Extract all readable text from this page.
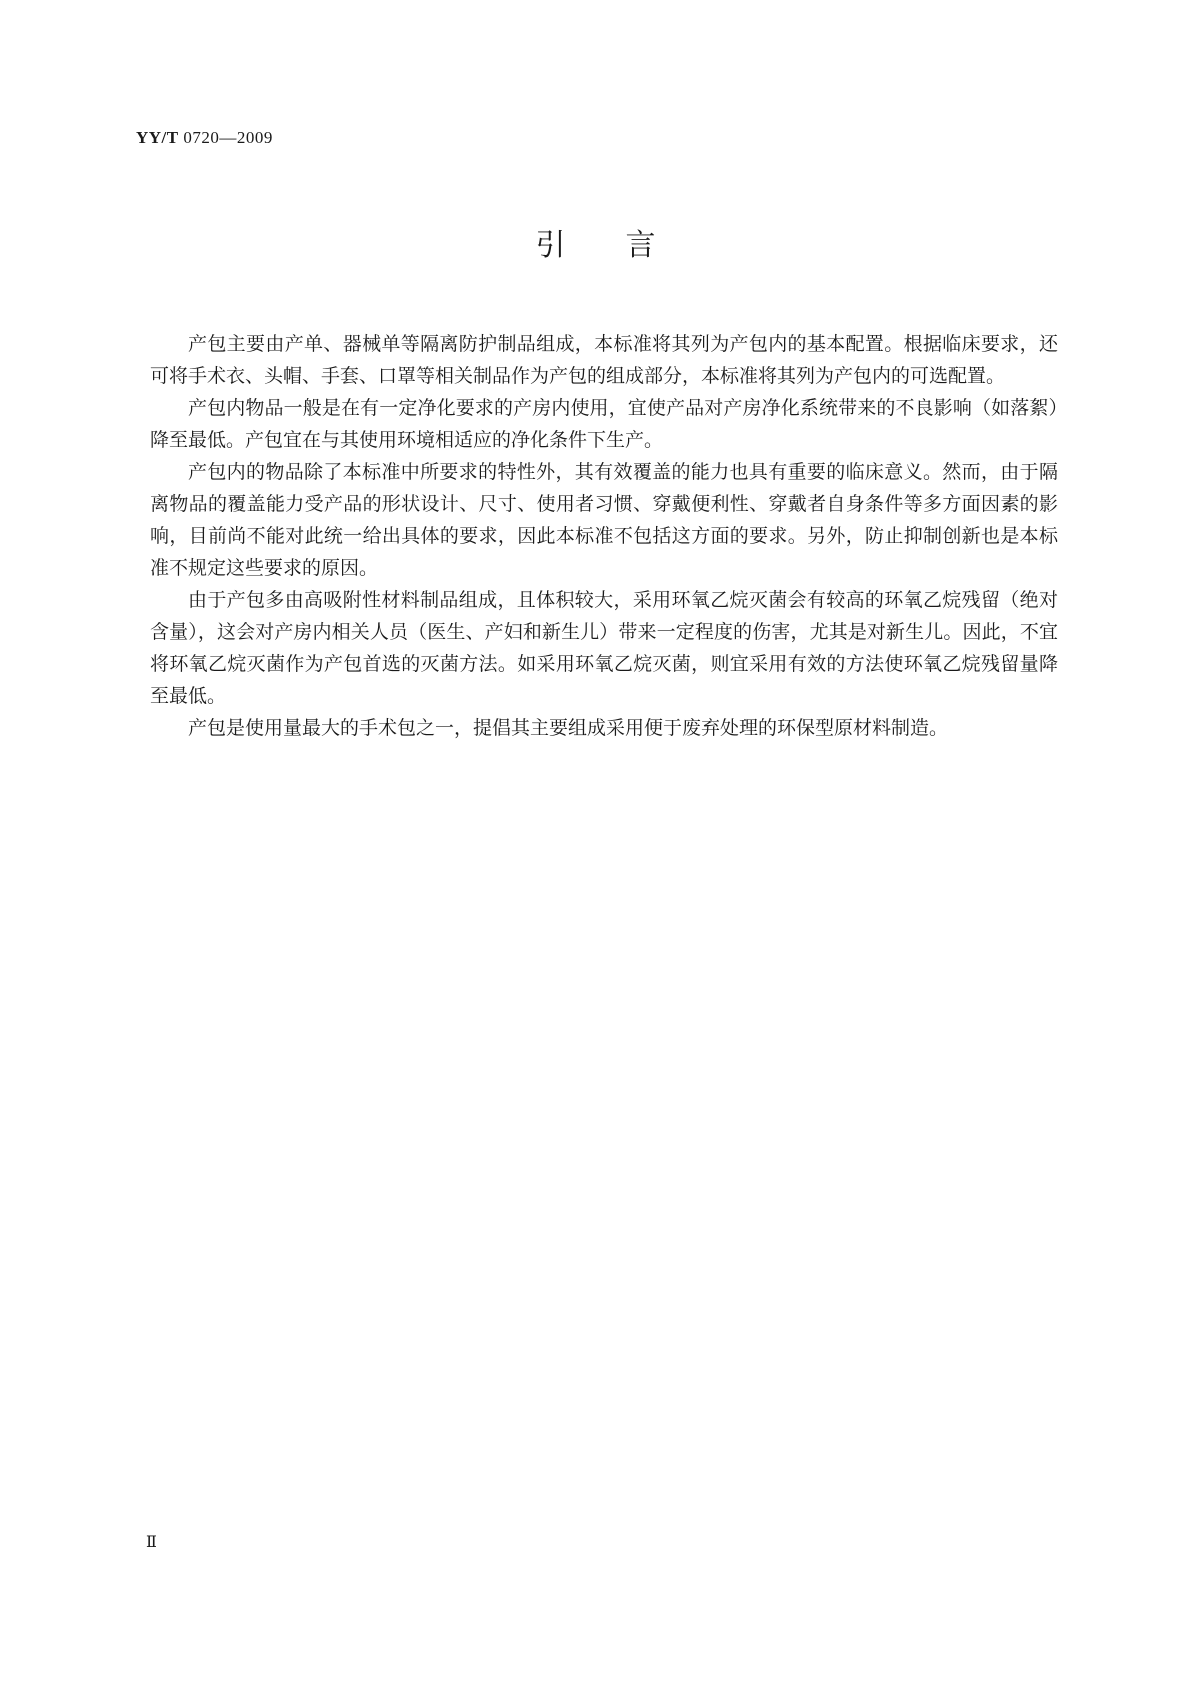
YY/T 0720—2009
引言

产包主要由产单、器械单等隔离防护制品组成，本标准将其列为产包内的基本配置。根据临床要求，还可将手术衣、头帽、手套、口罩等相关制品作为产包的组成部分，本标准将其列为产包内的可选配置。

产包内物品一般是在有一定净化要求的产房内使用，宜使产品对产房净化系统带来的不良影响（如落絮）降至最低。产包宜在与其使用环境相适应的净化条件下生产。

产包内的物品除了本标准中所要求的特性外，其有效覆盖的能力也具有重要的临床意义。然而，由于隔离物品的覆盖能力受产品的形状设计、尺寸、使用者习惯、穿戴便利性、穿戴者自身条件等多方面因素的影响，目前尚不能对此统一给出具体的要求，因此本标准不包括这方面的要求。另外，防止抑制创新也是本标准不规定这些要求的原因。

由于产包多由高吸附性材料制品组成，且体积较大，采用环氧乙烷灭菌会有较高的环氧乙烷残留（绝对含量），这会对产房内相关人员（医生、产妇和新生儿）带来一定程度的伤害，尤其是对新生儿。因此，不宜将环氧乙烷灭菌作为产包首选的灭菌方法。如采用环氧乙烷灭菌，则宜采用有效的方法使环氧乙烷残留量降至最低。

产包是使用量最大的手术包之一，提倡其主要组成采用便于废弃处理的环保型原材料制造。

Ⅱ
